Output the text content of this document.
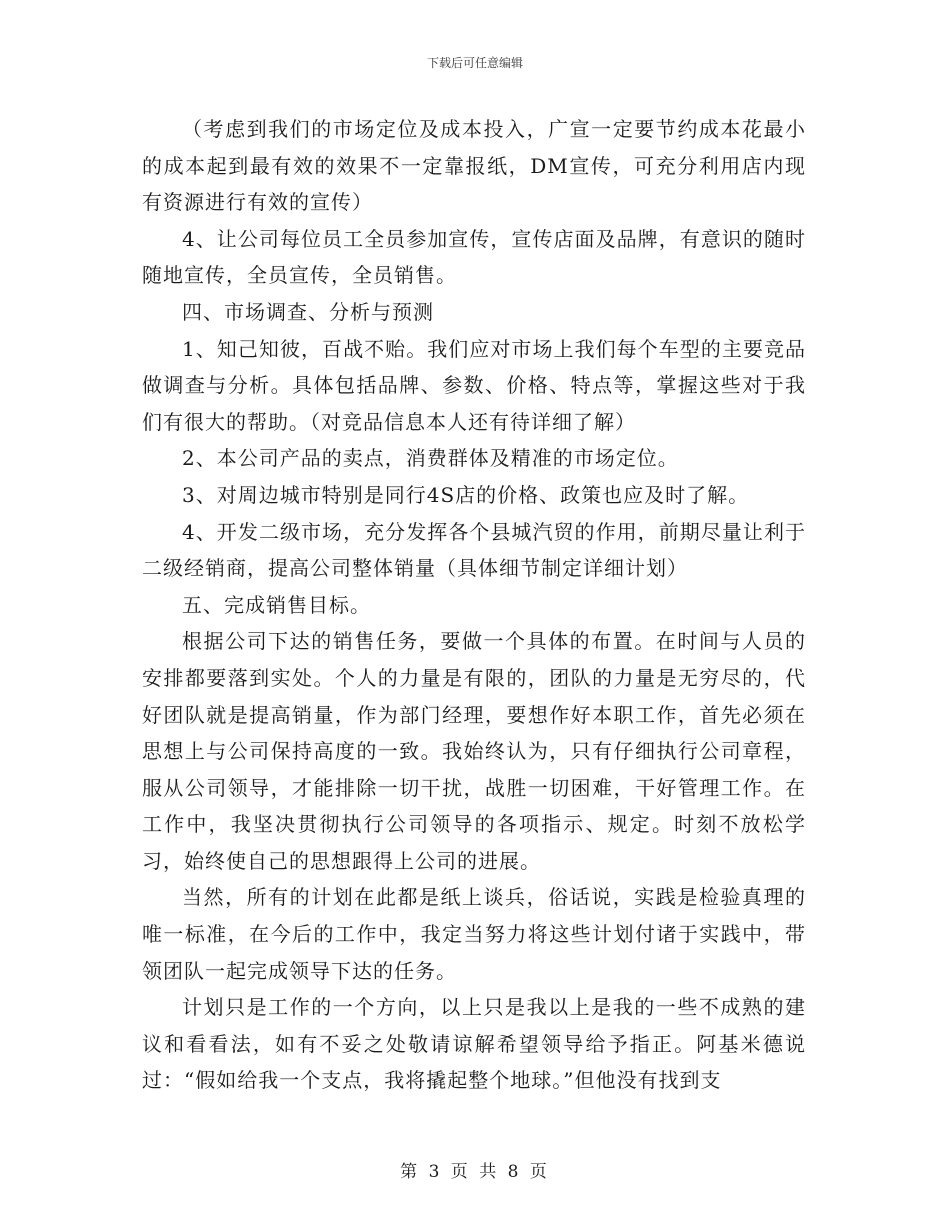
下载后可任意编辑

（考虑到我们的市场定位及成本投入，广宣一定要节约成本花最小的成本起到最有效的效果不一定靠报纸，DM宣传，可充分利用店内现有资源进行有效的宣传）

4、让公司每位员工全员参加宣传，宣传店面及品牌，有意识的随时随地宣传，全员宣传，全员销售。

四、市场调查、分析与预测

1、知己知彼，百战不贻。我们应对市场上我们每个车型的主要竞品做调查与分析。具体包括品牌、参数、价格、特点等，掌握这些对于我们有很大的帮助。（对竞品信息本人还有待详细了解）

2、本公司产品的卖点，消费群体及精准的市场定位。

3、对周边城市特别是同行4S店的价格、政策也应及时了解。

4、开发二级市场，充分发挥各个县城汽贸的作用，前期尽量让利于二级经销商，提高公司整体销量（具体细节制定详细计划）

五、完成销售目标。

根据公司下达的销售任务，要做一个具体的布置。在时间与人员的安排都要落到实处。个人的力量是有限的，团队的力量是无穷尽的，代好团队就是提高销量，作为部门经理，要想作好本职工作，首先必须在思想上与公司保持高度的一致。我始终认为，只有仔细执行公司章程，服从公司领导，才能排除一切干扰，战胜一切困难，干好管理工作。在工作中，我坚决贯彻执行公司领导的各项指示、规定。时刻不放松学习，始终使自己的思想跟得上公司的进展。

当然，所有的计划在此都是纸上谈兵，俗话说，实践是检验真理的唯一标准，在今后的工作中，我定当努力将这些计划付诸于实践中，带领团队一起完成领导下达的任务。

计划只是工作的一个方向，以上只是我以上是我的一些不成熟的建议和看看法，如有不妥之处敬请谅解希望领导给予指正。阿基米德说过：“假如给我一个支点，我将撬起整个地球。”但他没有找到支

第 3 页 共 8 页
